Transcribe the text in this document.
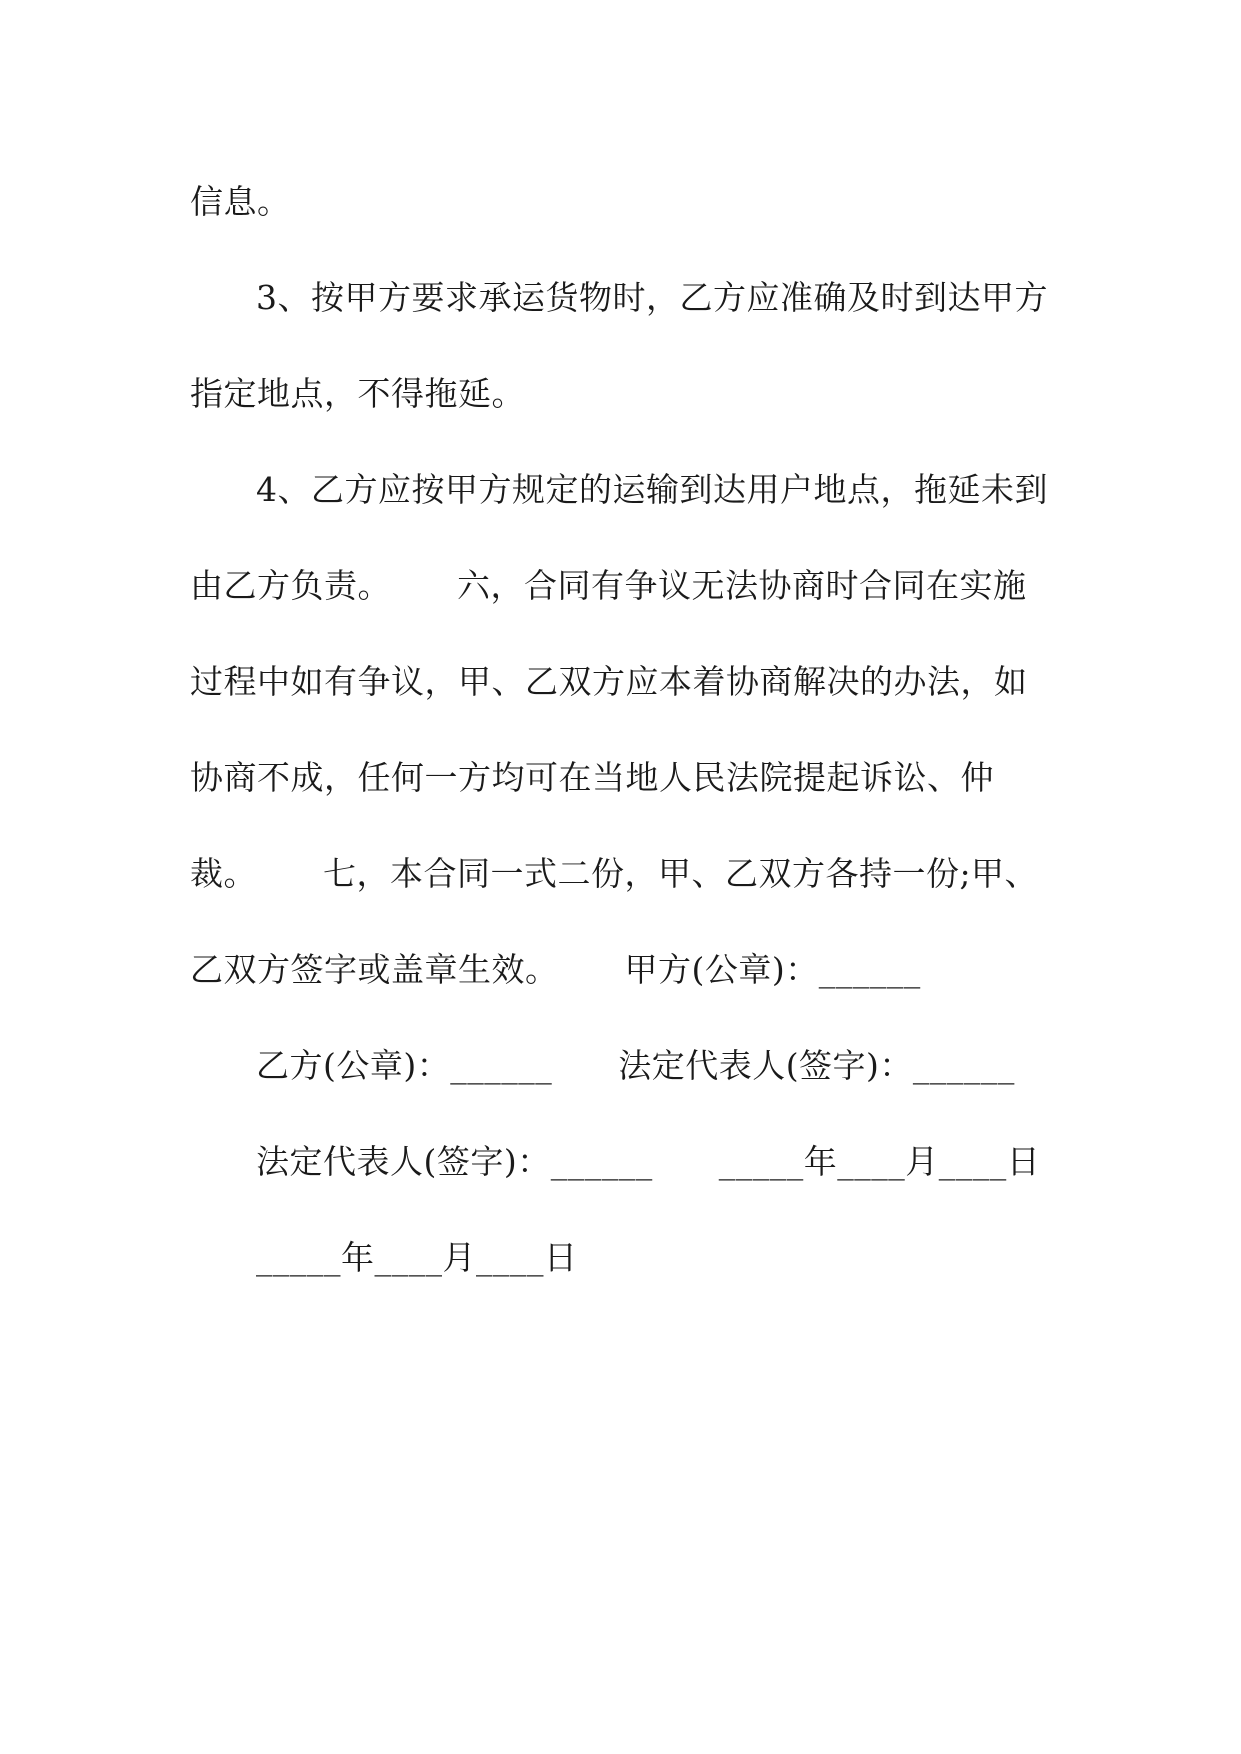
信息。
3、按甲方要求承运货物时，乙方应准确及时到达甲方
指定地点，不得拖延。
4、乙方应按甲方规定的运输到达用户地点，拖延未到
由乙方负责。      六，合同有争议无法协商时合同在实施
过程中如有争议，甲、乙双方应本着协商解决的办法，如
协商不成，任何一方均可在当地人民法院提起诉讼、仲
裁。      七，本合同一式二份，甲、乙双方各持一份;甲、
乙双方签字或盖章生效。      甲方(公章)：______
乙方(公章)：______      法定代表人(签字)：______
法定代表人(签字)：______      _____年____月____日
_____年____月____日
